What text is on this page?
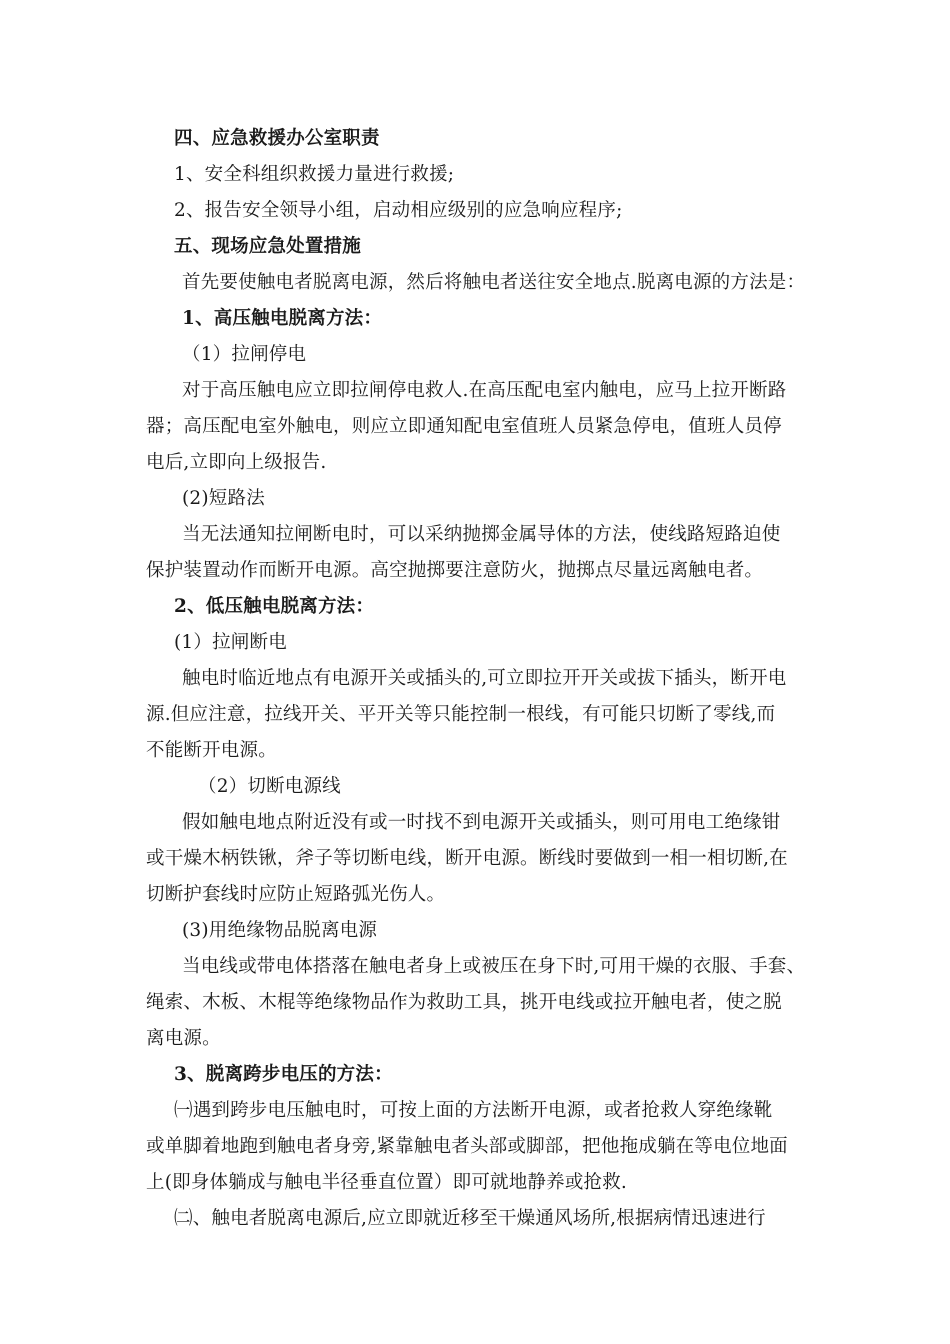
四、应急救援办公室职责
1、安全科组织救援力量进行救援;
2、报告安全领导小组，启动相应级别的应急响应程序;
五、现场应急处置措施
首先要使触电者脱离电源，然后将触电者送往安全地点.脱离电源的方法是：
1、高压触电脱离方法：
（1）拉闸停电
对于高压触电应立即拉闸停电救人.在高压配电室内触电，应马上拉开断路
器；高压配电室外触电，则应立即通知配电室值班人员紧急停电，值班人员停
电后,立即向上级报告.
(2)短路法
当无法通知拉闸断电时，可以采纳抛掷金属导体的方法，使线路短路迫使
保护装置动作而断开电源。高空抛掷要注意防火，抛掷点尽量远离触电者。
2、低压触电脱离方法：
(1）拉闸断电
触电时临近地点有电源开关或插头的,可立即拉开开关或拔下插头，断开电
源.但应注意，拉线开关、平开关等只能控制一根线，有可能只切断了零线,而
不能断开电源。
（2）切断电源线
假如触电地点附近没有或一时找不到电源开关或插头，则可用电工绝缘钳
或干燥木柄铁锹，斧子等切断电线，断开电源。断线时要做到一相一相切断,在
切断护套线时应防止短路弧光伤人。
(3)用绝缘物品脱离电源
当电线或带电体搭落在触电者身上或被压在身下时,可用干燥的衣服、手套、
绳索、木板、木棍等绝缘物品作为救助工具，挑开电线或拉开触电者，使之脱
离电源。
3、脱离跨步电压的方法：
㈠遇到跨步电压触电时，可按上面的方法断开电源，或者抢救人穿绝缘靴
或单脚着地跑到触电者身旁,紧靠触电者头部或脚部，把他拖成躺在等电位地面
上(即身体躺成与触电半径垂直位置）即可就地静养或抢救.
㈡、触电者脱离电源后,应立即就近移至干燥通风场所,根据病情迅速进行
